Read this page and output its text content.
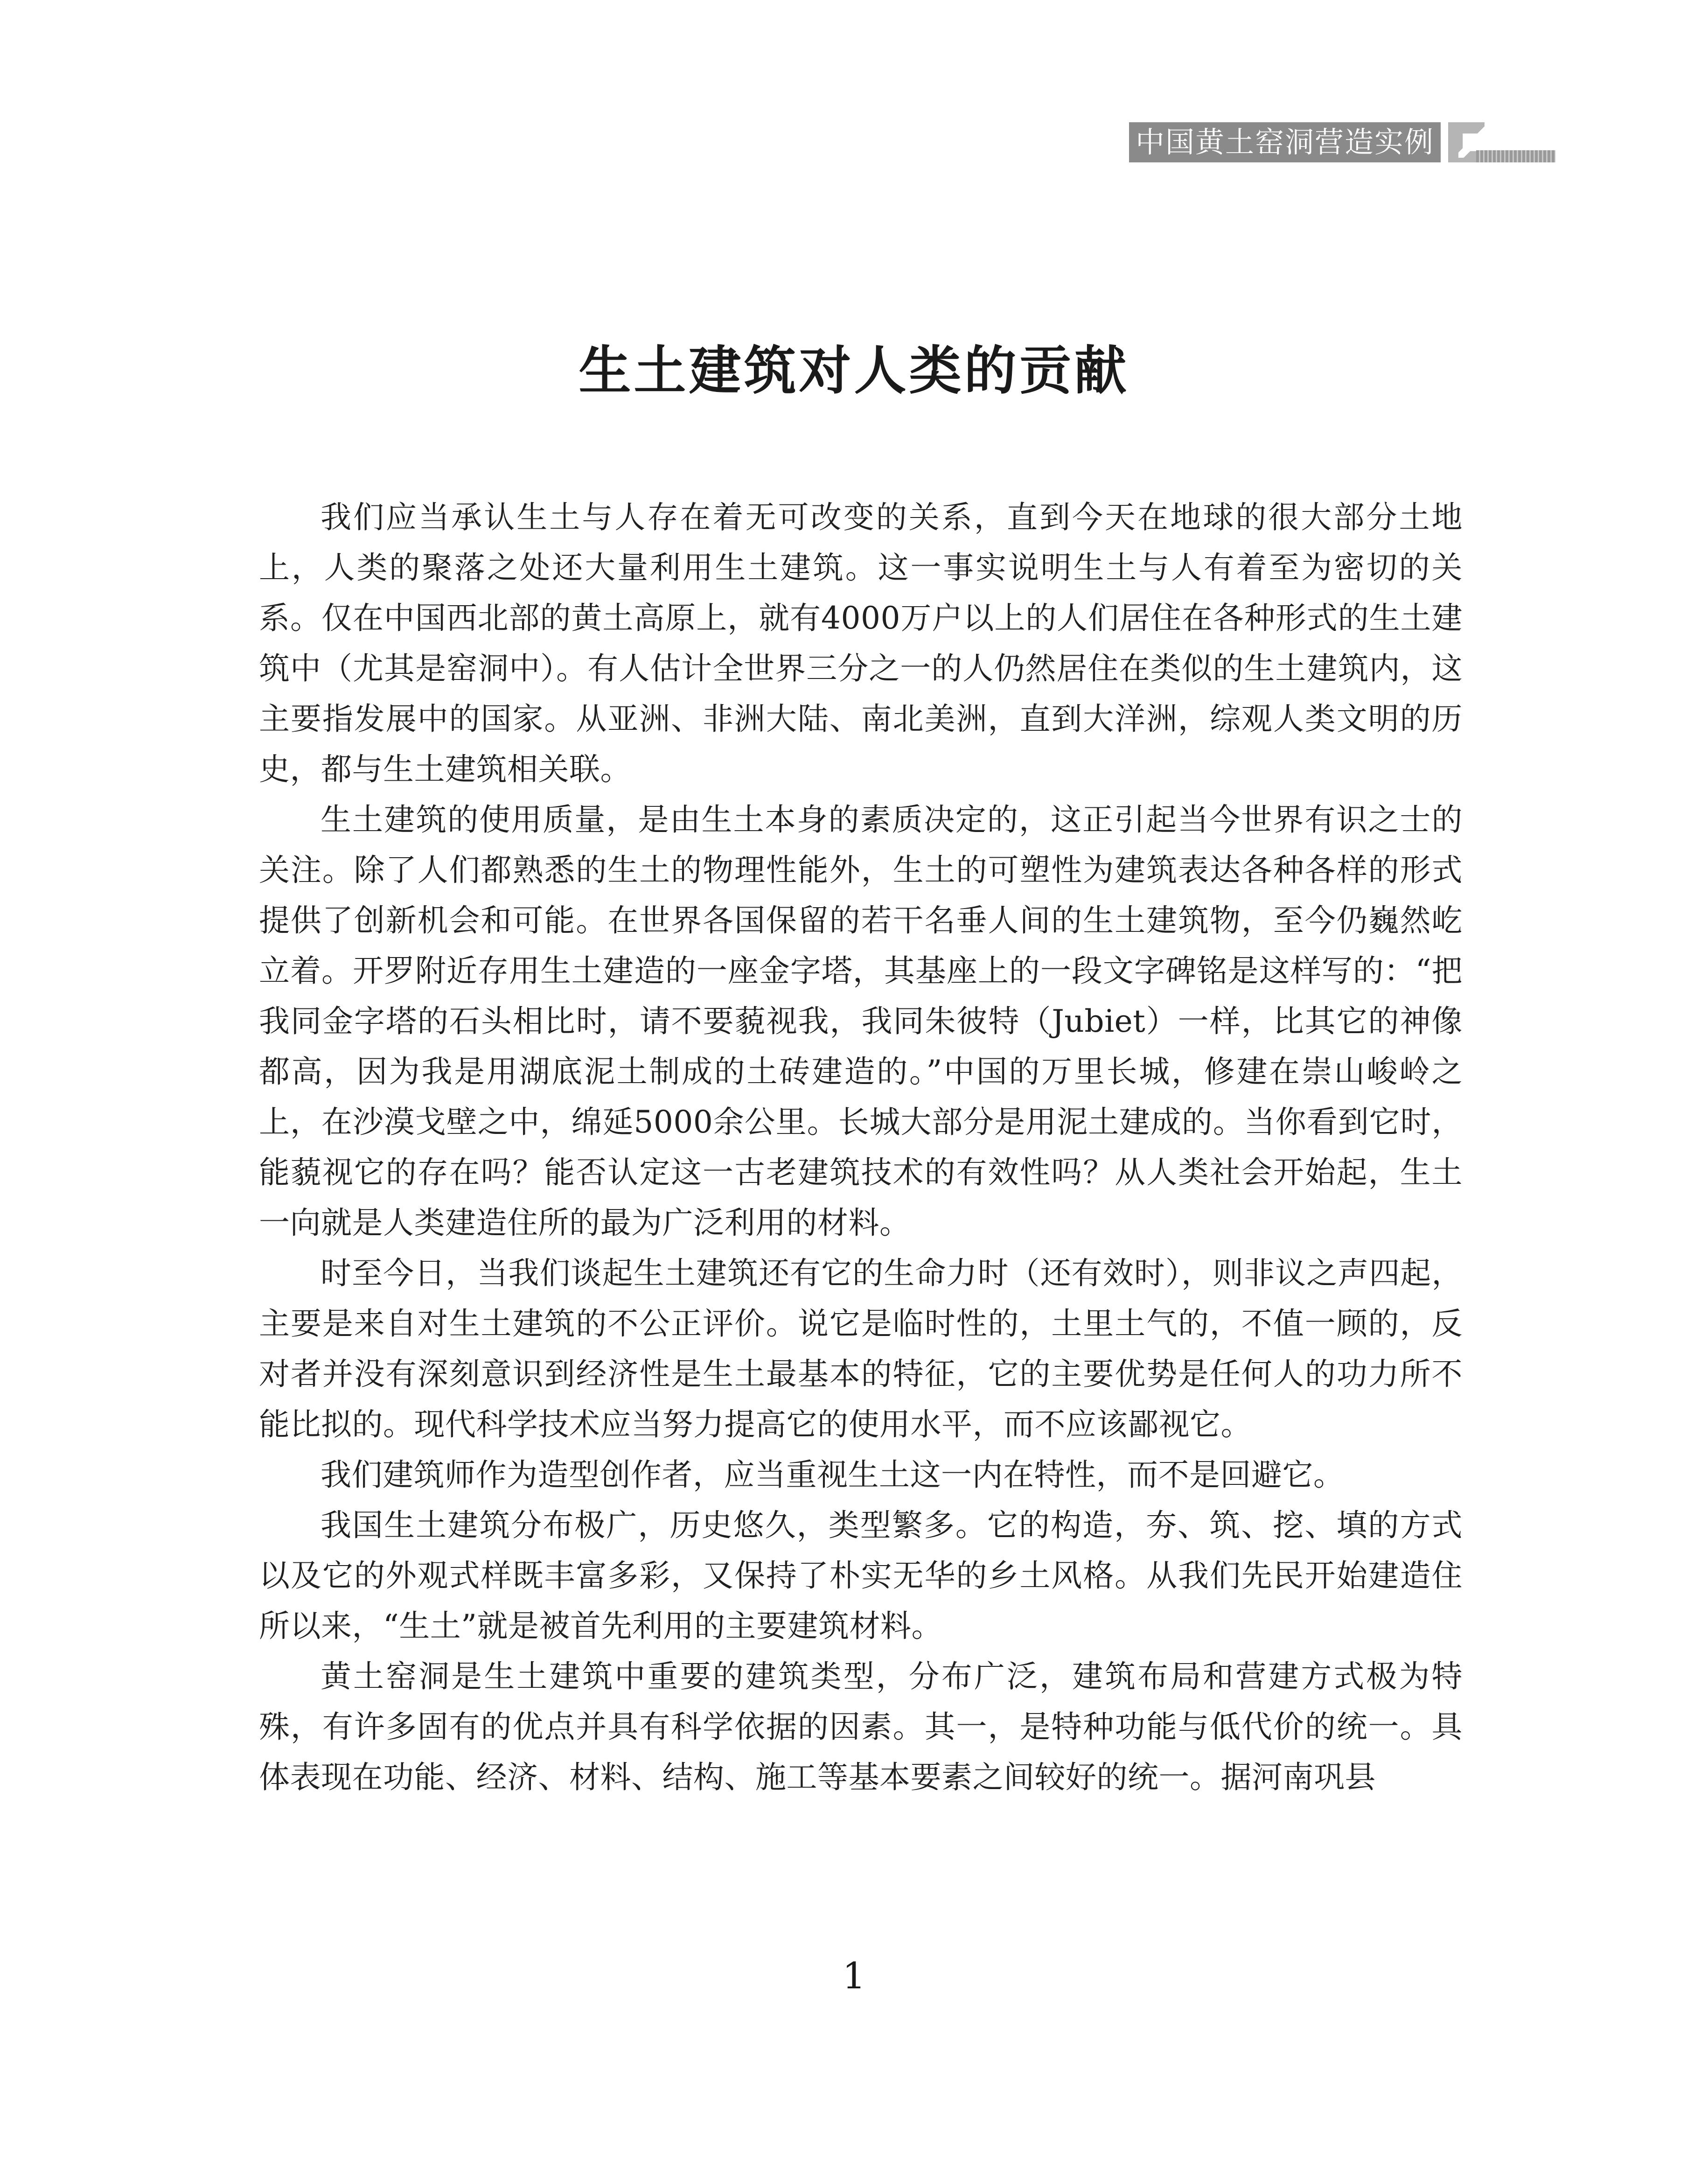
中国黄土窑洞营造实例
生土建筑对人类的贡献

我们应当承认生土与人存在着无可改变的关系，直到今天在地球的很大部分土地上，人类的聚落之处还大量利用生土建筑。这一事实说明生土与人有着至为密切的关系。仅在中国西北部的黄土高原上，就有4000万户以上的人们居住在各种形式的生土建筑中（尤其是窑洞中）。有人估计全世界三分之一的人仍然居住在类似的生土建筑内，这主要指发展中的国家。从亚洲、非洲大陆、南北美洲，直到大洋洲，综观人类文明的历史，都与生土建筑相关联。

生土建筑的使用质量，是由生土本身的素质决定的，这正引起当今世界有识之士的关注。除了人们都熟悉的生土的物理性能外，生土的可塑性为建筑表达各种各样的形式提供了创新机会和可能。在世界各国保留的若干名垂人间的生土建筑物，至今仍巍然屹立着。开罗附近存用生土建造的一座金字塔，其基座上的一段文字碑铭是这样写的：“把我同金字塔的石头相比时，请不要藐视我，我同朱彼特（Jubiet）一样，比其它的神像都高，因为我是用湖底泥土制成的土砖建造的。”中国的万里长城，修建在崇山峻岭之上，在沙漠戈壁之中，绵延5000余公里。长城大部分是用泥土建成的。当你看到它时，能藐视它的存在吗？能否认定这一古老建筑技术的有效性吗？从人类社会开始起，生土一向就是人类建造住所的最为广泛利用的材料。

时至今日，当我们谈起生土建筑还有它的生命力时（还有效时），则非议之声四起，主要是来自对生土建筑的不公正评价。说它是临时性的，土里土气的，不值一顾的，反对者并没有深刻意识到经济性是生土最基本的特征，它的主要优势是任何人的功力所不能比拟的。现代科学技术应当努力提高它的使用水平，而不应该鄙视它。

我们建筑师作为造型创作者，应当重视生土这一内在特性，而不是回避它。

我国生土建筑分布极广，历史悠久，类型繁多。它的构造，夯、筑、挖、填的方式以及它的外观式样既丰富多彩，又保持了朴实无华的乡土风格。从我们先民开始建造住所以来，“生土”就是被首先利用的主要建筑材料。

黄土窑洞是生土建筑中重要的建筑类型，分布广泛，建筑布局和营建方式极为特殊，有许多固有的优点并具有科学依据的因素。其一，是特种功能与低代价的统一。具体表现在功能、经济、材料、结构、施工等基本要素之间较好的统一。据河南巩县

1
